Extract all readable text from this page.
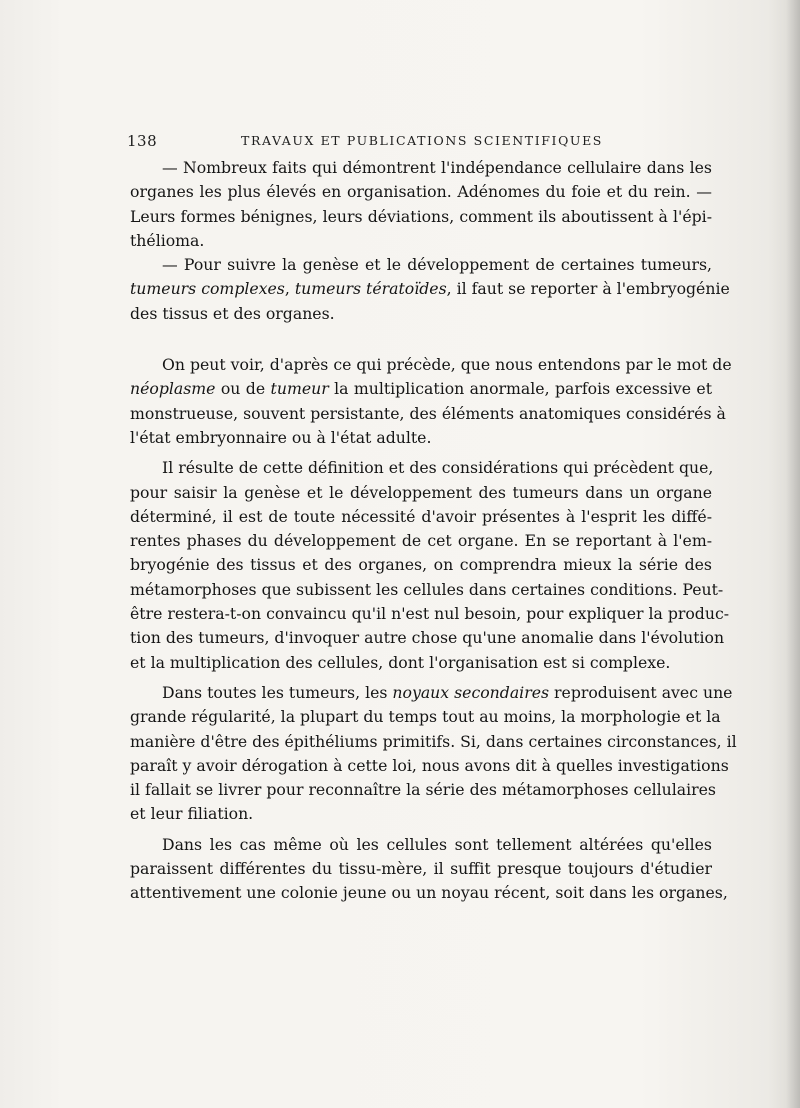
138	TRAVAUX ET PUBLICATIONS SCIENTIFIQUES
— Nombreux faits qui démontrent l'indépendance cellulaire dans les
organes les plus élevés en organisation. Adénomes du foie et du rein. —
Leurs formes bénignes, leurs déviations, comment ils aboutissent à l'épi-
thélioma.
— Pour suivre la genèse et le développement de certaines tumeurs,
tumeurs complexes, tumeurs tératoïdes, il faut se reporter à l'embryogénie
des tissus et des organes.
On peut voir, d'après ce qui précède, que nous entendons par le mot de
néoplasme ou de tumeur la multiplication anormale, parfois excessive et
monstrueuse, souvent persistante, des éléments anatomiques considérés à
l'état embryonnaire ou à l'état adulte.
Il résulte de cette définition et des considérations qui précèdent que,
pour saisir la genèse et le développement des tumeurs dans un organe
déterminé, il est de toute nécessité d'avoir présentes à l'esprit les diffé-
rentes phases du développement de cet organe. En se reportant à l'em-
bryogénie des tissus et des organes, on comprendra mieux la série des
métamorphoses que subissent les cellules dans certaines conditions. Peut-
être restera-t-on convaincu qu'il n'est nul besoin, pour expliquer la produc-
tion des tumeurs, d'invoquer autre chose qu'une anomalie dans l'évolution
et la multiplication des cellules, dont l'organisation est si complexe.
Dans toutes les tumeurs, les noyaux secondaires reproduisent avec une
grande régularité, la plupart du temps tout au moins, la morphologie et la
manière d'être des épithéliums primitifs. Si, dans certaines circonstances, il
paraît y avoir dérogation à cette loi, nous avons dit à quelles investigations
il fallait se livrer pour reconnaître la série des métamorphoses cellulaires
et leur filiation.
Dans les cas même où les cellules sont tellement altérées qu'elles
paraissent différentes du tissu-mère, il suffit presque toujours d'étudier
attentivement une colonie jeune ou un noyau récent, soit dans les organes,
